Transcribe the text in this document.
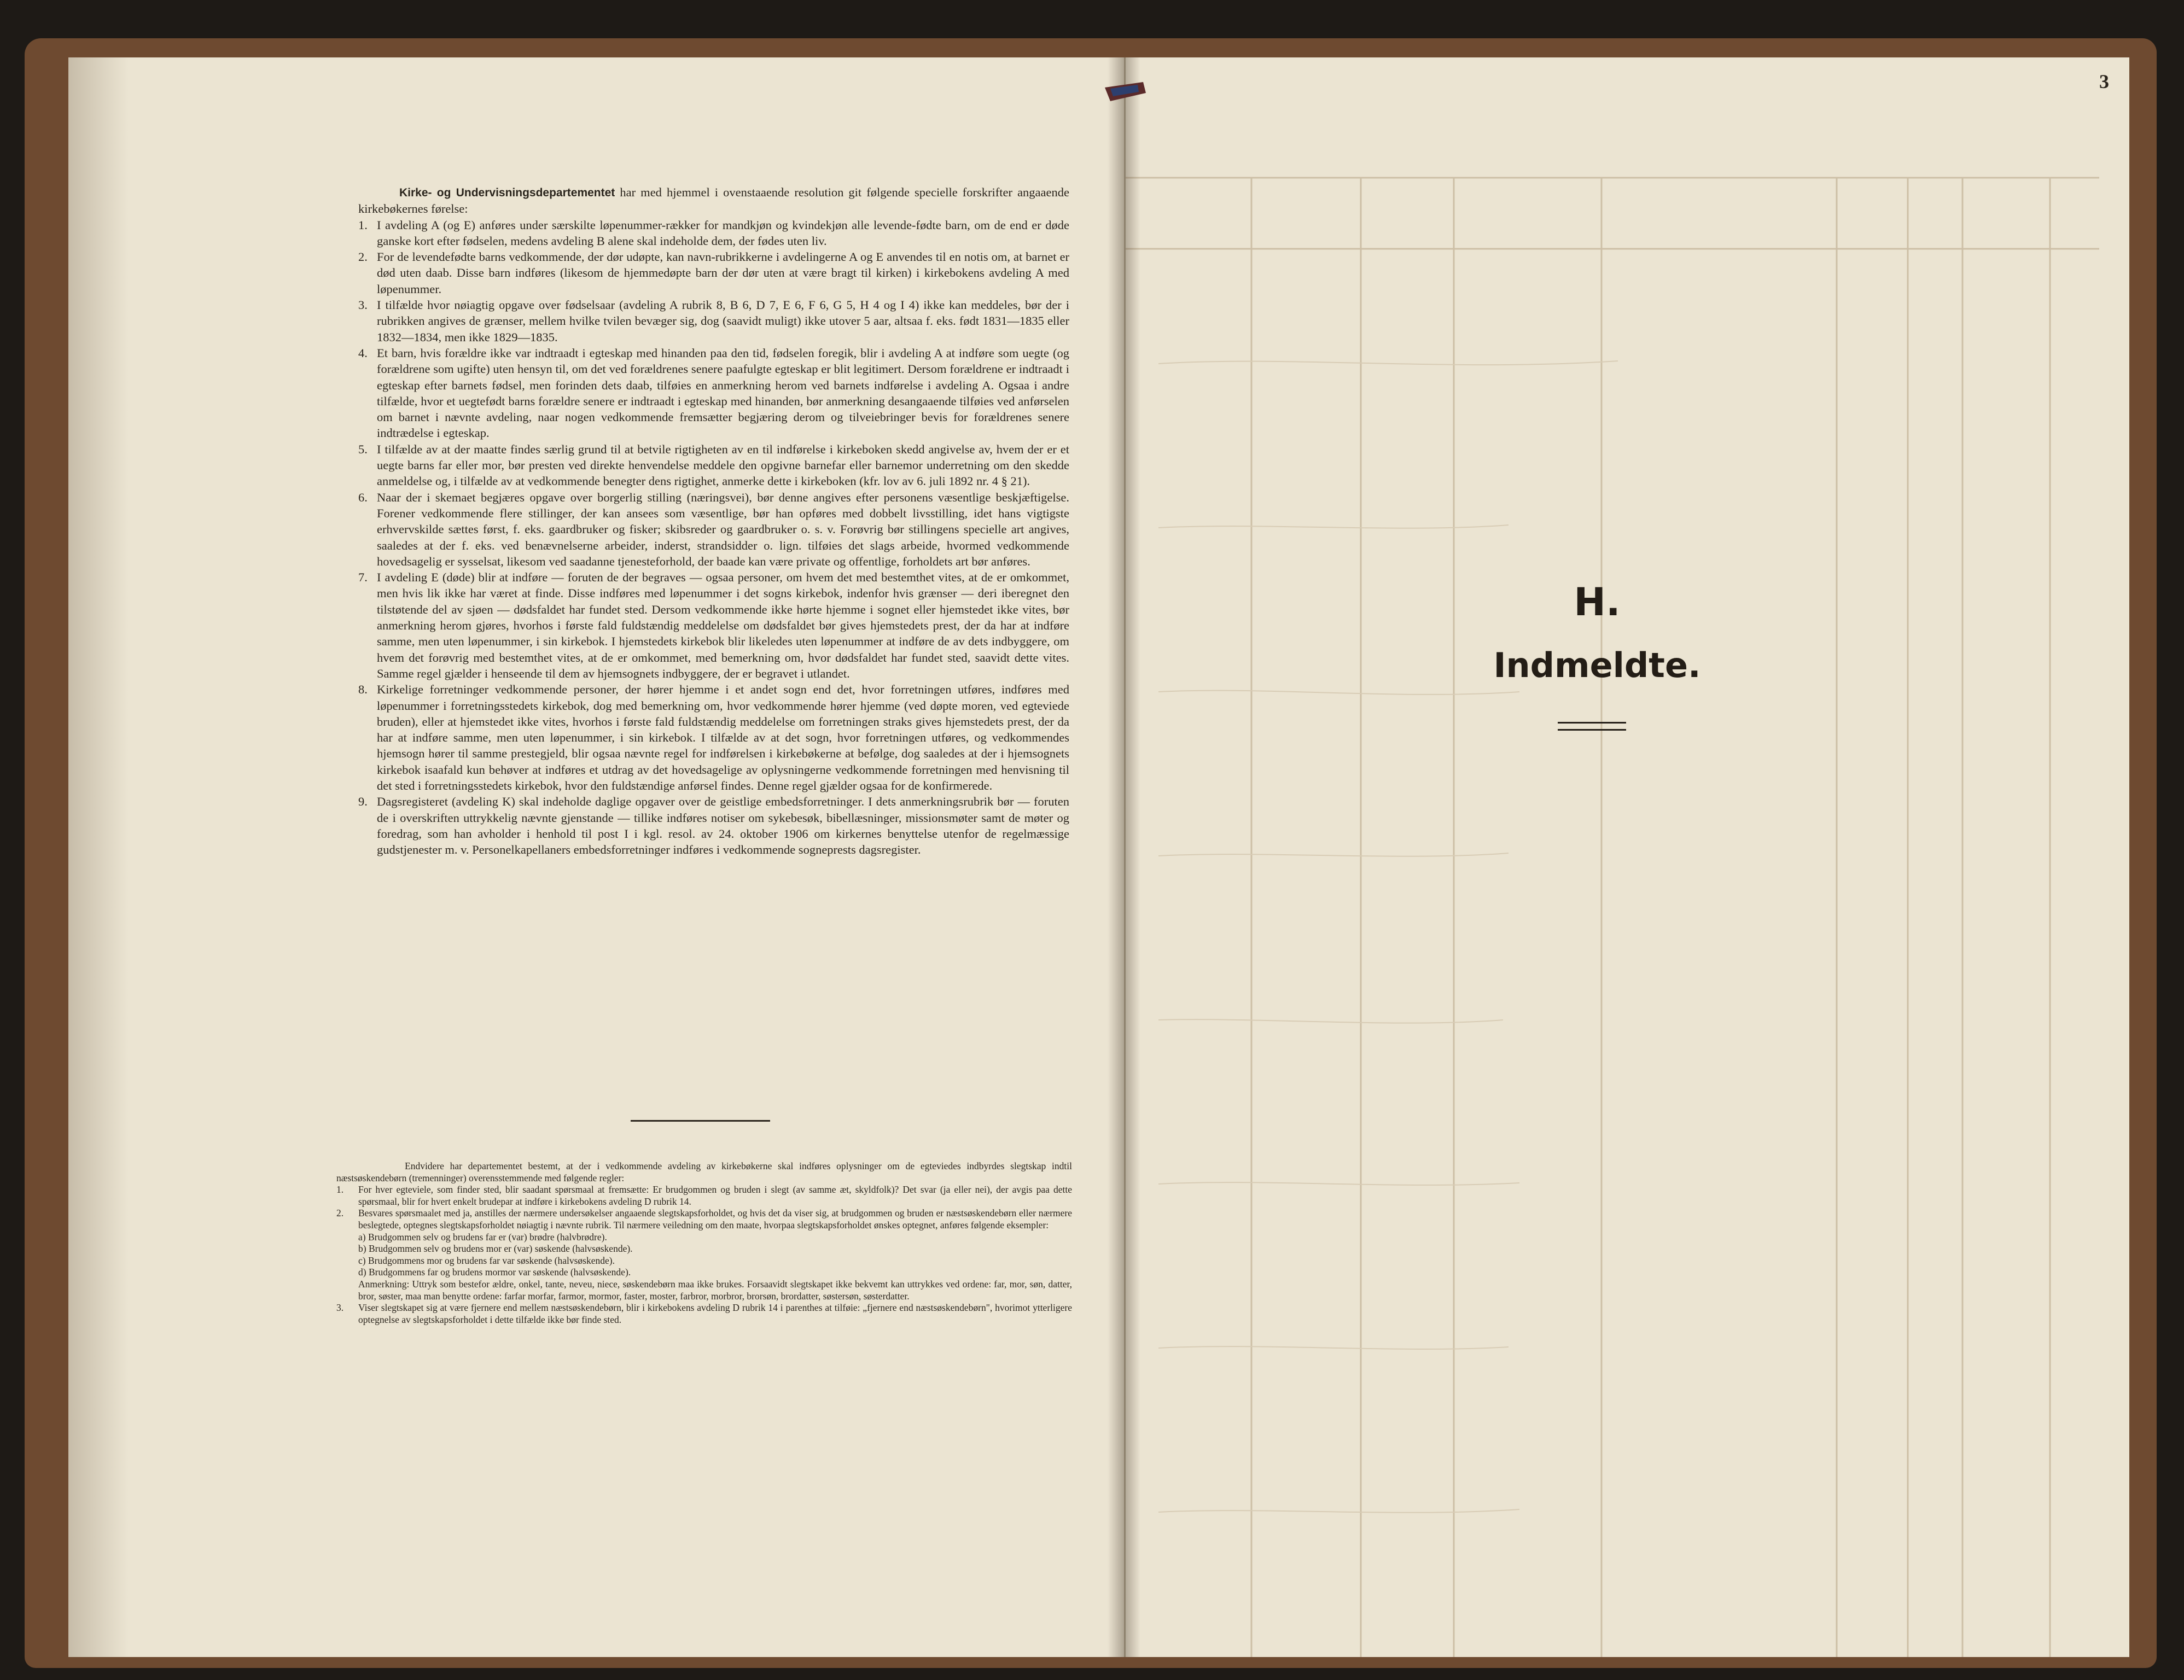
Kirke- og Undervisningsdepartementet har med hjemmel i ovenstaaende resolution git følgende specielle forskrifter angaaende kirkebøkernes førelse:

1. I avdeling A (og E) anføres under særskilte løpenummer-rækker for mandkjøn og kvindekjøn alle levende-fødte barn, om de end er døde ganske kort efter fødselen, medens avdeling B alene skal indeholde dem, der fødes uten liv.
2. For de levendefødte barns vedkommende, der dør udøpte, kan navn-rubrikkerne i avdelingerne A og E anvendes til en notis om, at barnet er død uten daab. Disse barn indføres (likesom de hjemmedøpte barn der dør uten at være bragt til kirken) i kirkebokens avdeling A med løpenummer.
3. I tilfælde hvor nøiagtig opgave over fødselsaar (avdeling A rubrik 8, B 6, D 7, E 6, F 6, G 5, H 4 og I 4) ikke kan meddeles, bør der i rubrikken angives de grænser, mellem hvilke tvilen bevæger sig, dog (saavidt muligt) ikke utover 5 aar, altsaa f. eks. født 1831—1835 eller 1832—1834, men ikke 1829—1835.
4. Et barn, hvis forældre ikke var indtraadt i egteskap med hinanden paa den tid, fødselen foregik, blir i avdeling A at indføre som uegte (og forældrene som ugifte) uten hensyn til, om det ved forældrenes senere paafulgte egteskap er blit legitimert. Dersom forældrene er indtraadt i egteskap efter barnets fødsel, men forinden dets daab, tilføies en anmerkning herom ved barnets indførelse i avdeling A. Ogsaa i andre tilfælde, hvor et uegtefødt barns forældre senere er indtraadt i egteskap med hinanden, bør anmerkning desangaaende tilføies ved anførselen om barnet i nævnte avdeling, naar nogen vedkommende fremsætter begjæring derom og tilveiebringer bevis for forældrenes senere indtrædelse i egteskap.
5. I tilfælde av at der maatte findes særlig grund til at betvile rigtigheten av en til indførelse i kirkeboken skedd angivelse av, hvem der er et uegte barns far eller mor, bør presten ved direkte henvendelse meddele den opgivne barnefar eller barnemor underretning om den skedde anmeldelse og, i tilfælde av at vedkommende benegter dens rigtighet, anmerke dette i kirkeboken (kfr. lov av 6. juli 1892 nr. 4 § 21).
6. Naar der i skemaet begjæres opgave over borgerlig stilling (næringsvei), bør denne angives efter personens væsentlige beskjæftigelse. Forener vedkommende flere stillinger, der kan ansees som væsentlige, bør han opføres med dobbelt livsstilling, idet hans vigtigste erhvervskilde sættes først, f. eks. gaardbruker og fisker; skibsreder og gaardbruker o. s. v. Forøvrig bør stillingens specielle art angives, saaledes at der f. eks. ved benævnelserne arbeider, inderst, strandsidder o. lign. tilføies det slags arbeide, hvormed vedkommende hovedsagelig er sysselsat, likesom ved saadanne tjenesteforhold, der baade kan være private og offentlige, forholdets art bør anføres.
7. I avdeling E (døde) blir at indføre — foruten de der begraves — ogsaa personer, om hvem det med bestemthet vites, at de er omkommet, men hvis lik ikke har været at finde. Disse indføres med løpenummer i det sogns kirkebok, indenfor hvis grænser — deri iberegnet den tilstøtende del av sjøen — dødsfaldet har fundet sted. Dersom vedkommende ikke hørte hjemme i sognet eller hjemstedet ikke vites, bør anmerkning herom gjøres, hvorhos i første fald fuldstændig meddelelse om dødsfaldet bør gives hjemstedets prest, der da har at indføre samme, men uten løpenummer, i sin kirkebok. I hjemstedets kirkebok blir likeledes uten løpenummer at indføre de av dets indbyggere, om hvem det forøvrig med bestemthet vites, at de er omkommet, med bemerkning om, hvor dødsfaldet har fundet sted, saavidt dette vites. Samme regel gjælder i henseende til dem av hjemsognets indbyggere, der er begravet i utlandet.
8. Kirkelige forretninger vedkommende personer, der hører hjemme i et andet sogn end det, hvor forretningen utføres, indføres med løpenummer i forretningsstedets kirkebok, dog med bemerkning om, hvor vedkommende hører hjemme (ved døpte moren, ved egteviede bruden), eller at hjemstedet ikke vites, hvorhos i første fald fuldstændig meddelelse om forretningen straks gives hjemstedets prest, der da har at indføre samme, men uten løpenummer, i sin kirkebok. I tilfælde av at det sogn, hvor forretningen utføres, og vedkommendes hjemsogn hører til samme prestegjeld, blir ogsaa nævnte regel for indførelsen i kirkebøkerne at befølge, dog saaledes at der i hjemsognets kirkebok isaafald kun behøver at indføres et utdrag av det hovedsagelige av oplysningerne vedkommende forretningen med henvisning til det sted i forretningsstedets kirkebok, hvor den fuldstændige anførsel findes. Denne regel gjælder ogsaa for de konfirmerede.
9. Dagsregisteret (avdeling K) skal indeholde daglige opgaver over de geistlige embedsforretninger. I dets anmerkningsrubrik bør — foruten de i overskriften uttrykkelig nævnte gjenstande — tillike indføres notiser om sykebesøk, bibellæsninger, missionsmøter samt de møter og foredrag, som han avholder i henhold til post I i kgl. resol. av 24. oktober 1906 om kirkernes benyttelse utenfor de regelmæssige gudstjenester m. v. Personelkapellaners embedsforretninger indføres i vedkommende sogneprests dagsregister.

Endvidere har departementet bestemt, at der i vedkommende avdeling av kirkebøkerne skal indføres oplysninger om de egteviedes indbyrdes slegtskap indtil næstsøskendebørn (tremenninger) overensstemmende med følgende regler:

1.	For hver egteviele, som finder sted, blir saadant spørsmaal at fremsætte: Er brudgommen og bruden i slegt (av samme æt, skyldfolk)? Det svar (ja eller nei), der avgis paa dette spørsmaal, blir for hvert enkelt brudepar at indføre i kirkebokens avdeling D rubrik 14.
2.	Besvares spørsmaalet med ja, anstilles der nærmere undersøkelser angaaende slegtskapsforholdet, og hvis det da viser sig, at brudgommen og bruden er næstsøskendebørn eller nærmere beslegtede, optegnes slegtskapsforholdet nøiagtig i nævnte rubrik. Til nærmere veiledning om den maate, hvorpaa slegtskapsforholdet ønskes optegnet, anføres følgende eksempler:
a) Brudgommen selv og brudens far er (var) brødre (halvbrødre).
b) Brudgommen selv og brudens mor er (var) søskende (halvsøskende).
c) Brudgommens mor og brudens far var søskende (halvsøskende).
d) Brudgommens far og brudens mormor var søskende (halvsøskende).
Anmerkning: Uttryk som bestefor ældre, onkel, tante, neveu, niece, søskendebørn maa ikke brukes. Forsaavidt slegtskapet ikke bekvemt kan uttrykkes ved ordene: far, mor, søn, datter, bror, søster, maa man benytte ordene: farfar morfar, farmor, mormor, faster, moster, farbror, morbror, brorsøn, brordatter, søstersøn, søsterdatter.
3.	Viser slegtskapet sig at være fjernere end mellem næstsøskendebørn, blir i kirkebokens avdeling D rubrik 14 i parenthes at tilføie: „fjernere end næstsøskendebørn", hvorimot ytterligere optegnelse av slegtskapsforholdet i dette tilfælde ikke bør finde sted.
3
H.
Indmeldte.
